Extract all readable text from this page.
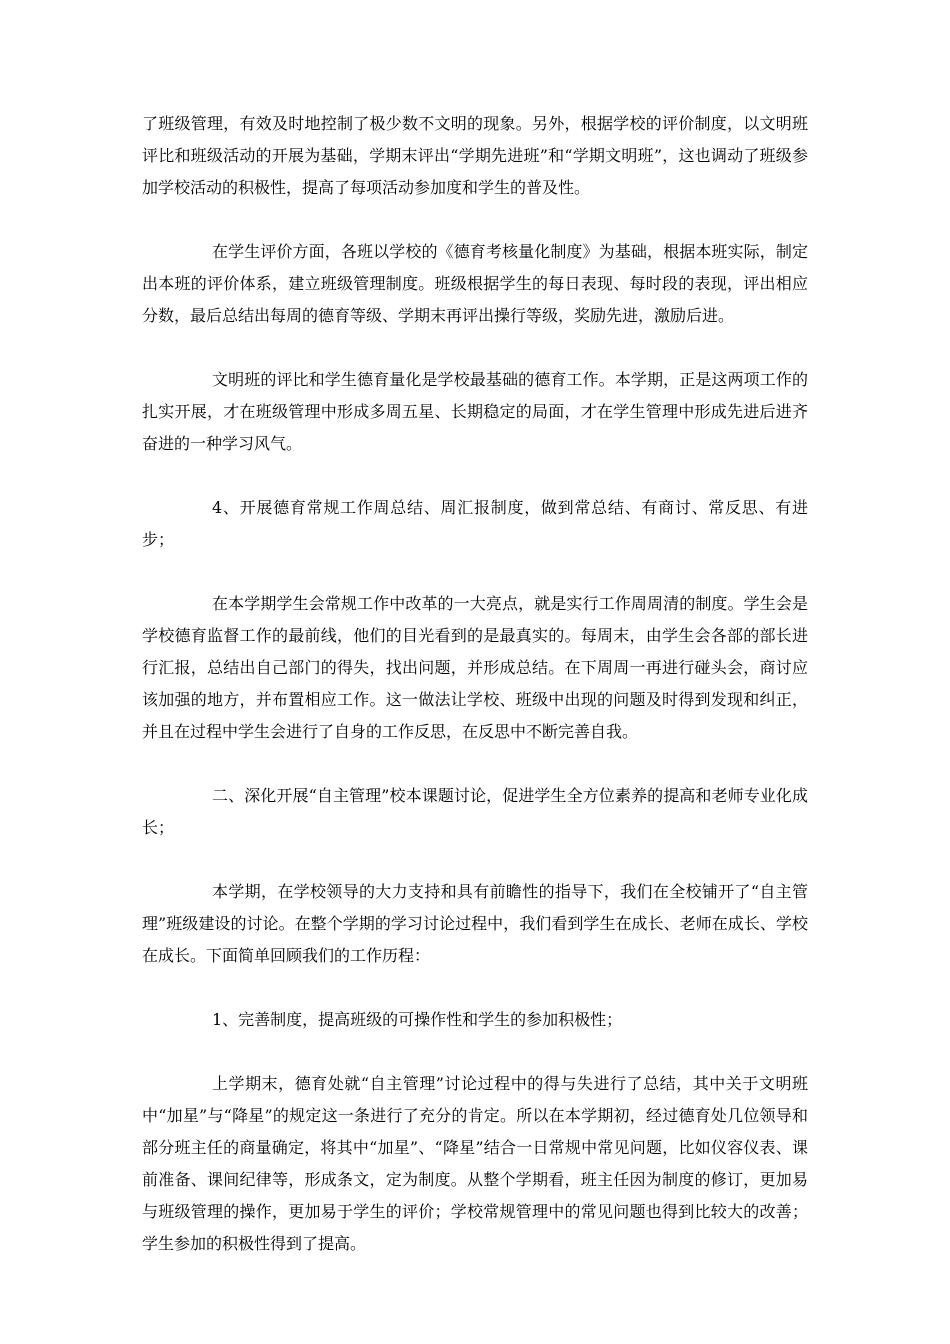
了班级管理，有效及时地控制了极少数不文明的现象。另外，根据学校的评价制度，以文明班评比和班级活动的开展为基础，学期末评出“学期先进班”和“学期文明班”，这也调动了班级参加学校活动的积极性，提高了每项活动参加度和学生的普及性。

在学生评价方面，各班以学校的《德育考核量化制度》为基础，根据本班实际，制定出本班的评价体系，建立班级管理制度。班级根据学生的每日表现、每时段的表现，评出相应分数，最后总结出每周的德育等级、学期末再评出操行等级，奖励先进，激励后进。

文明班的评比和学生德育量化是学校最基础的德育工作。本学期，正是这两项工作的扎实开展，才在班级管理中形成多周五星、长期稳定的局面，才在学生管理中形成先进后进齐奋进的一种学习风气。

4、开展德育常规工作周总结、周汇报制度，做到常总结、有商讨、常反思、有进步；

在本学期学生会常规工作中改革的一大亮点，就是实行工作周周清的制度。学生会是学校德育监督工作的最前线，他们的目光看到的是最真实的。每周末，由学生会各部的部长进行汇报，总结出自己部门的得失，找出问题，并形成总结。在下周周一再进行碰头会，商讨应该加强的地方，并布置相应工作。这一做法让学校、班级中出现的问题及时得到发现和纠正，并且在过程中学生会进行了自身的工作反思，在反思中不断完善自我。

二、深化开展“自主管理”校本课题讨论，促进学生全方位素养的提高和老师专业化成长；

本学期，在学校领导的大力支持和具有前瞻性的指导下，我们在全校铺开了“自主管理”班级建设的讨论。在整个学期的学习讨论过程中，我们看到学生在成长、老师在成长、学校在成长。下面简单回顾我们的工作历程：

1、完善制度，提高班级的可操作性和学生的参加积极性；

上学期末，德育处就“自主管理”讨论过程中的得与失进行了总结，其中关于文明班中“加星”与“降星”的规定这一条进行了充分的肯定。所以在本学期初，经过德育处几位领导和部分班主任的商量确定，将其中“加星”、“降星”结合一日常规中常见问题，比如仪容仪表、课前准备、课间纪律等，形成条文，定为制度。从整个学期看，班主任因为制度的修订，更加易与班级管理的操作，更加易于学生的评价；学校常规管理中的常见问题也得到比较大的改善；学生参加的积极性得到了提高。
